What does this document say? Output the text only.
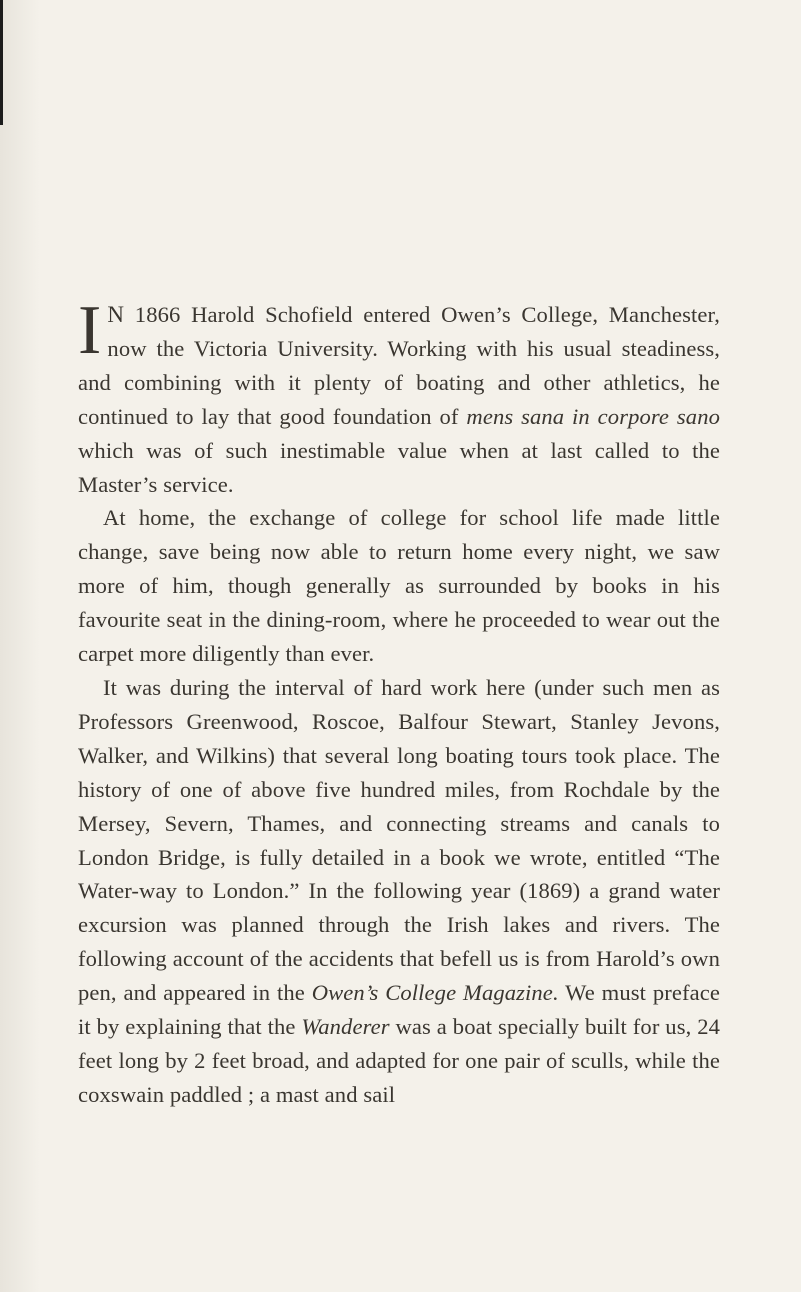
I N 1866 Harold Schofield entered Owen’s College, Manchester, now the Victoria University. Working with his usual steadiness, and combining with it plenty of boating and other athletics, he continued to lay that good foundation of mens sana in corpore sano which was of such inestimable value when at last called to the Master’s service.

At home, the exchange of college for school life made little change, save being now able to return home every night, we saw more of him, though generally as surrounded by books in his favourite seat in the dining-room, where he proceeded to wear out the carpet more diligently than ever.

It was during the interval of hard work here (under such men as Professors Greenwood, Roscoe, Balfour Stewart, Stanley Jevons, Walker, and Wilkins) that several long boating tours took place. The history of one of above five hundred miles, from Rochdale by the Mersey, Severn, Thames, and connecting streams and canals to London Bridge, is fully detailed in a book we wrote, entitled “The Water-way to London.” In the following year (1869) a grand water excursion was planned through the Irish lakes and rivers. The following account of the accidents that befell us is from Harold’s own pen, and appeared in the Owen’s College Magazine. We must preface it by explaining that the Wanderer was a boat specially built for us, 24 feet long by 2 feet broad, and adapted for one pair of sculls, while the coxswain paddled ; a mast and sail
